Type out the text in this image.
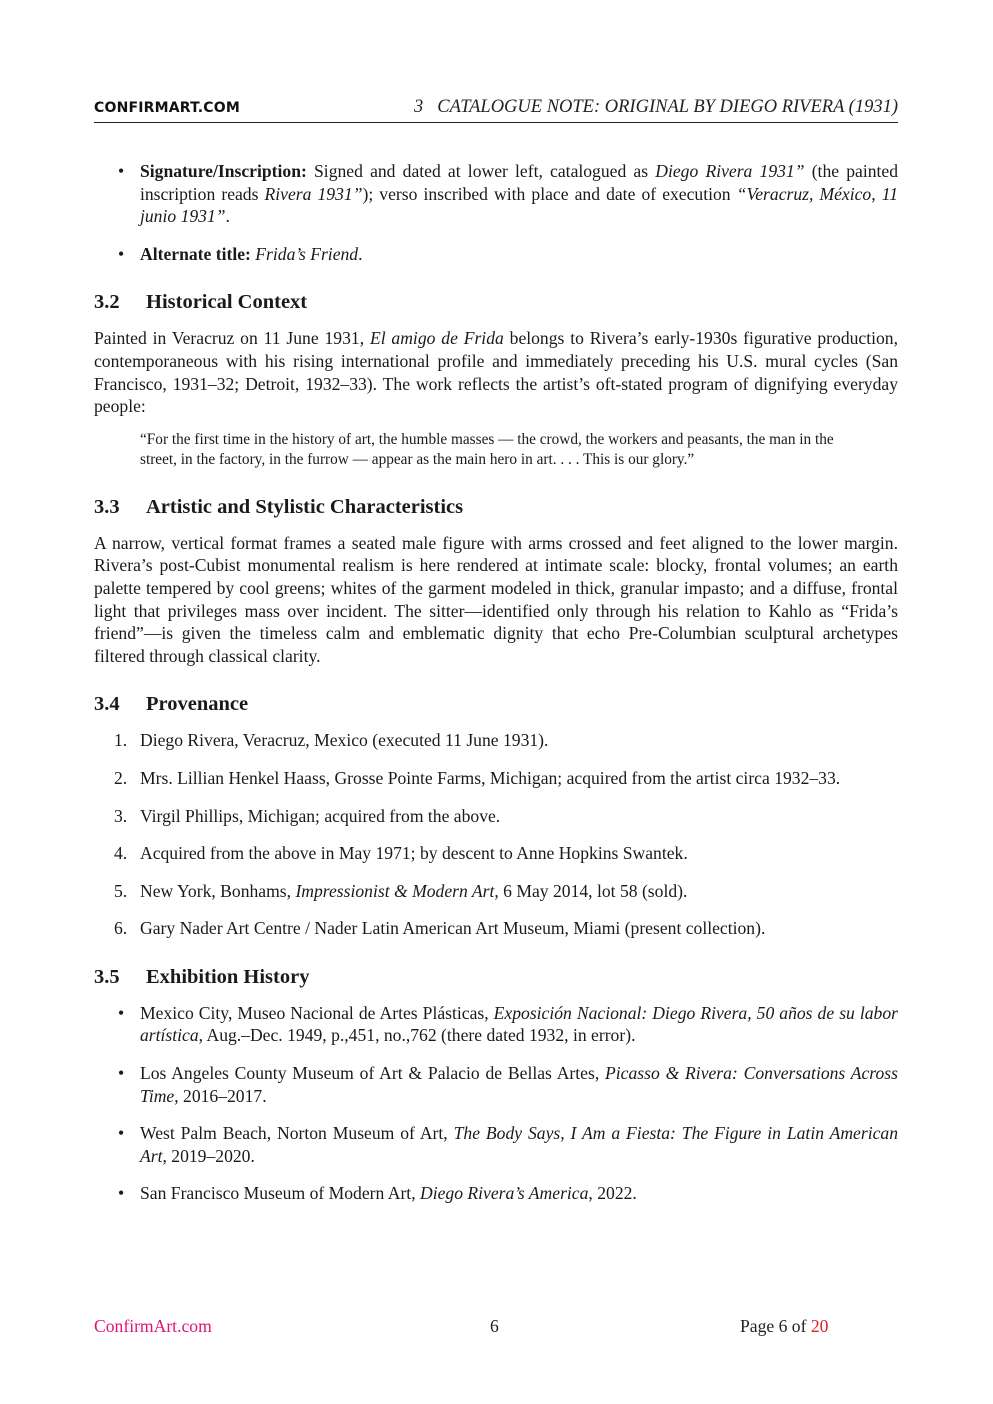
CONFIRMART.COM	3 CATALOGUE NOTE: ORIGINAL BY DIEGO RIVERA (1931)
• Signature/Inscription: Signed and dated at lower left, catalogued as Diego Rivera 1931” (the painted inscription reads Rivera 1931”); verso inscribed with place and date of execution “Veracruz, México, 11 junio 1931”.
• Alternate title: Frida’s Friend.
3.2 Historical Context

Painted in Veracruz on 11 June 1931, El amigo de Frida belongs to Rivera’s early-1930s figurative production, contemporaneous with his rising international profile and immediately preceding his U.S. mural cycles (San Francisco, 1931–32; Detroit, 1932–33). The work reflects the artist’s oft-stated program of dignifying everyday people:

“For the first time in the history of art, the humble masses — the crowd, the workers and peasants, the man in the street, in the factory, in the furrow — appear as the main hero in art. . . . This is our glory.”
3.3 Artistic and Stylistic Characteristics

A narrow, vertical format frames a seated male figure with arms crossed and feet aligned to the lower margin. Rivera’s post-Cubist monumental realism is here rendered at intimate scale: blocky, frontal volumes; an earth palette tempered by cool greens; whites of the garment modeled in thick, granular impasto; and a diffuse, frontal light that privileges mass over incident. The sitter—identified only through his relation to Kahlo as “Frida’s friend”—is given the timeless calm and emblematic dignity that echo Pre-Columbian sculptural archetypes filtered through classical clarity.

3.4 Provenance
1. Diego Rivera, Veracruz, Mexico (executed 11 June 1931).
2. Mrs. Lillian Henkel Haass, Grosse Pointe Farms, Michigan; acquired from the artist circa 1932–33.
3. Virgil Phillips, Michigan; acquired from the above.
4. Acquired from the above in May 1971; by descent to Anne Hopkins Swantek.
5. New York, Bonhams, Impressionist & Modern Art, 6 May 2014, lot 58 (sold).
6. Gary Nader Art Centre / Nader Latin American Art Museum, Miami (present collection).
3.5 Exhibition History
• Mexico City, Museo Nacional de Artes Plásticas, Exposición Nacional: Diego Rivera, 50 años de su labor artística, Aug.–Dec. 1949, p.,451, no.,762 (there dated 1932, in error).
• Los Angeles County Museum of Art & Palacio de Bellas Artes, Picasso & Rivera: Conversations Across Time, 2016–2017.
• West Palm Beach, Norton Museum of Art, The Body Says, I Am a Fiesta: The Figure in Latin American Art, 2019–2020.
• San Francisco Museum of Modern Art, Diego Rivera’s America, 2022.
ConfirmArt.com	6	Page 6 of 20
